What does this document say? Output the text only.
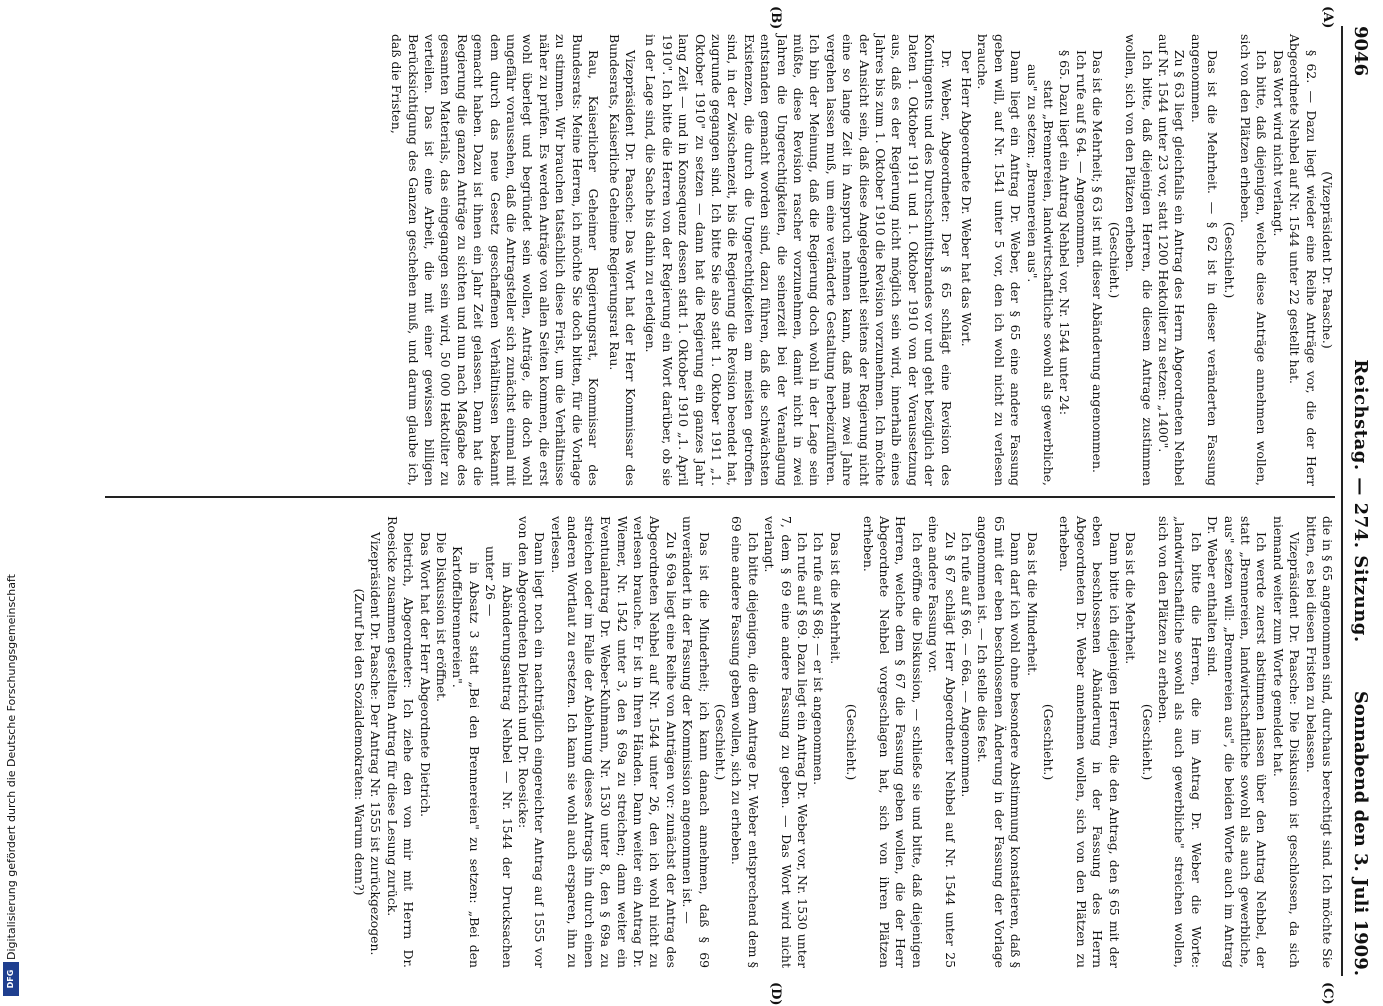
9046
Reichstag. — 274. Sitzung.
Sonnabend den 3. Juli 1909.
(A)
(B)
(C)
(D)

(Vizepräsident Dr. Paasche.)

§ 62. — Dazu liegt wieder eine Reihe Anträge vor, die der Herr Abgeordnete Nehbel auf Nr. 1544 unter 22 gestellt hat.

Das Wort wird nicht verlangt.

Ich bitte, daß diejenigen, welche diese Anträge annehmen wollen, sich von den Plätzen erheben.

(Geschieht.)

Das ist die Mehrheit. — § 62 ist in dieser veränderten Fassung angenommen.

Zu § 63 liegt gleichfalls ein Antrag des Herrn Abgeordneten Nehbel auf Nr. 1544 unter 23 vor, statt 1200 Hektoliter zu setzen: „1400".

Ich bitte, daß diejenigen Herren, die diesem Antrage zustimmen wollen, sich von den Plätzen erheben.

(Geschieht.)

Das ist die Mehrheit; § 63 ist mit dieser Abänderung angenommen.

Ich rufe auf § 64. — Angenommen.

§ 65. Dazu liegt ein Antrag Nehbel vor, Nr. 1544 unter 24:

statt „Brennereien, landwirtschaftliche sowohl als gewerbliche, aus" zu setzen: „Brennereien aus".

Dann liegt ein Antrag Dr. Weber, der § 65 eine andere Fassung geben will, auf Nr. 1541 unter 5 vor, den ich wohl nicht zu verlesen brauche.

Der Herr Abgeordnete Dr. Weber hat das Wort.

Dr. Weber, Abgeordneter: Der § 65 schlägt eine Revision des Kontingents und des Durchschnittsbrandes vor und geht bezüglich der Daten 1. Oktober 1911 und 1. Oktober 1910 von der Voraussetzung aus, daß es der Regierung nicht möglich sein wird, innerhalb eines Jahres bis zum 1. Oktober 1910 die Revision vorzunehmen. Ich möchte der Ansicht sein, daß diese Angelegenheit seitens der Regierung nicht eine so lange Zeit in Anspruch nehmen kann, daß man zwei Jahre vergehen lassen muß, um eine veränderte Gestaltung herbeizuführen. Ich bin der Meinung, daß die Regierung doch wohl in der Lage sein müßte, diese Revision rascher vorzunehmen, damit nicht in zwei Jahren die Ungerechtigkeiten, die seinerzeit bei der Veranlagung entstanden gemacht worden sind, dazu führen, daß die schwächsten Existenzen, die durch die Ungerechtigkeiten am meisten getroffen sind, in der Zwischenzeit, bis die Regierung die Revision beendet hat, zugrunde gegangen sind. Ich bitte Sie also statt 1. Oktober 1911 „1. Oktober 1910" zu setzen — dann hat die Regierung ein ganzes Jahr lang Zeit — und in Konsequenz dessen statt 1. Oktober 1910 „1. April 1910". Ich bitte die Herren von der Regierung ein Wort darüber, ob sie in der Lage sind, die Sache bis dahin zu erledigen.

Vizepräsident Dr. Paasche: Das Wort hat der Herr Kommissar des Bundesrats, Kaiserliche Geheime Regierungsrat Rau.

Rau, Kaiserlicher Geheimer Regierungsrat, Kommissar des Bundesrats: Meine Herren, ich möchte Sie doch bitten, für die Vorlage zu stimmen. Wir brauchen tatsächlich diese Frist, um die Verhältnisse näher zu prüfen. Es werden Anträge von allen Seiten kommen, die erst wohl überlegt und begründet sein wollen, Anträge, die doch wohl ungefähr voraussehen, daß die Antragsteller sich zunächst einmal mit dem durch das neue Gesetz geschaffenen Verhältnissen bekannt gemacht haben. Dazu ist ihnen ein Jahr Zeit gelassen. Dann hat die Regierung die ganzen Anträge zu sichten und nun nach Maßgabe des gesamten Materials, das eingegangen sein wird, 50 000 Hektoliter zu verteilen. Das ist eine Arbeit, die mit einer gewissen billigen Berücksichtigung des Ganzen geschehen muß, und darum glaube ich, daß die Fristen,

die in § 65 angenommen sind, durchaus berechtigt sind. Ich möchte Sie bitten, es bei diesen Fristen zu belassen.

Vizepräsident Dr. Paasche: Die Diskussion ist geschlossen, da sich niemand weiter zum Worte gemeldet hat.

Ich werde zuerst abstimmen lassen über den Antrag Nehbel, der statt „Brennereien, landwirtschaftliche sowohl als auch gewerbliche, aus" setzen will: „Brennereien aus", die beiden Worte auch im Antrag Dr. Weber enthalten sind.

Ich bitte die Herren, die im Antrag Dr. Weber die Worte: „landwirtschaftliche sowohl als auch gewerbliche" streichen wollen, sich von den Plätzen zu erheben.

(Geschieht.)

Das ist die Mehrheit.

Dann bitte ich diejenigen Herren, die den Antrag, den § 65 mit der eben beschlossenen Abänderung in der Fassung des Herrn Abgeordneten Dr. Weber annehmen wollen, sich von den Plätzen zu erheben.

(Geschieht.)

Das ist die Minderheit.

Dann darf ich wohl ohne besondere Abstimmung konstatieren, daß § 65 mit der eben beschlossenen Änderung in der Fassung der Vorlage angenommen ist. — Ich stelle dies fest.

Ich rufe auf § 66. — 66a. — Angenommen.

Zu § 67 schlägt Herr Abgeordneter Nehbel auf Nr. 1544 unter 25 eine andere Fassung vor.

Ich eröffne die Diskussion, — schließe sie und bitte, daß diejenigen Herren, welche dem § 67 die Fassung geben wollen, die der Herr Abgeordnete Nehbel vorgeschlagen hat, sich von ihren Plätzen erheben.

(Geschieht.)

Das ist die Mehrheit.

Ich rufe auf § 68; — er ist angenommen.

Ich rufe auf § 69. Dazu liegt ein Antrag Dr. Weber vor, Nr. 1530 unter 7, dem § 69 eine andere Fassung zu geben. — Das Wort wird nicht verlangt.

Ich bitte diejenigen, die dem Antrage Dr. Weber entsprechend dem § 69 eine andere Fassung geben wollen, sich zu erheben.

(Geschieht.)

Das ist die Minderheit; ich kann danach annehmen, daß § 69 unverändert in der Fassung der Kommission angenommen ist. —

Zu § 69a liegt eine Reihe von Anträgen vor: zunächst der Antrag des Abgeordneten Nehbel auf Nr. 1544 unter 26, den ich wohl nicht zu verlesen brauche. Er ist in Ihren Händen. Dann weiter ein Antrag Dr. Wiemer, Nr. 1542 unter 3, den § 69a zu streichen; dann weiter ein Eventualantrag Dr. Weber-Kuhmann, Nr. 1530 unter 8, den § 69a zu streichen oder im Falle der Ablehnung dieses Antrags ihn durch einen anderen Wortlaut zu ersetzen. Ich kann sie wohl auch ersparen, ihn zu verlesen.

Dann liegt noch ein nachträglich eingereichter Antrag auf 1555 vor von den Abgeordneten Dietrich und Dr. Roesicke:

im Abänderungsantrag Nehbel — Nr. 1544 der Drucksachen unter 26 —

in Absatz 3 statt „Bei den Brennereien" zu setzen: „Bei den Kartoffelbrennereien".

Die Diskussion ist eröffnet.

Das Wort hat der Herr Abgeordnete Dietrich.

Dietrich, Abgeordneter: Ich ziehe den von mir mit Herrn Dr. Roesicke zusammen gestellten Antrag für diese Lesung zurück.

Vizepräsident Dr. Paasche: Der Antrag Nr. 1555 ist zurückgezogen.

(Zuruf bei den Sozialdemokraten: Warum denn?)

Digitalisierung gefördert durch die Deutsche Forschungsgemeinschaft
DFG
